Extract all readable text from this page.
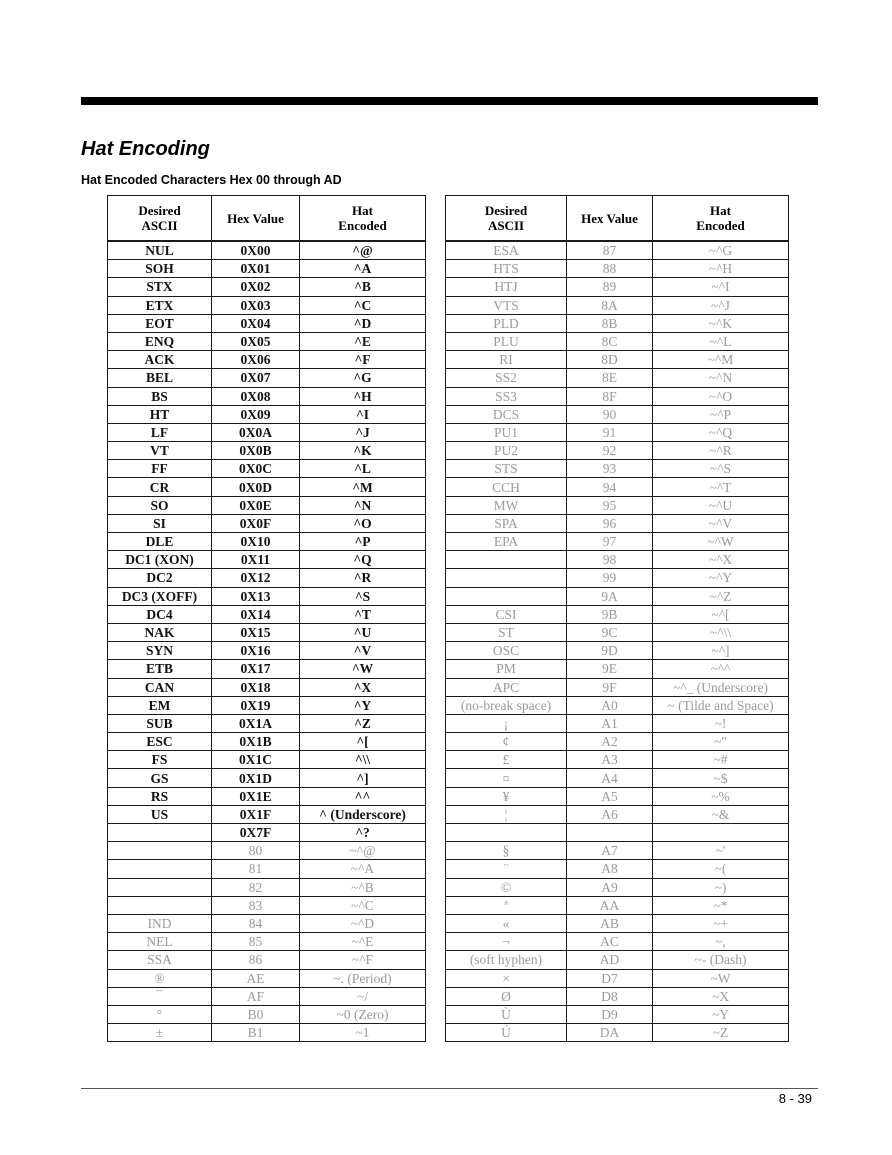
Hat Encoding

Hat Encoded Characters Hex 00 through AD

Desired
ASCII	Hex Value	Hat
Encoded
NUL	0X00	^@
SOH	0X01	^A
STX	0X02	^B
ETX	0X03	^C
EOT	0X04	^D
ENQ	0X05	^E
ACK	0X06	^F
BEL	0X07	^G
BS	0X08	^H
HT	0X09	^I
LF	0X0A	^J
VT	0X0B	^K
FF	0X0C	^L
CR	0X0D	^M
SO	0X0E	^N
SI	0X0F	^O
DLE	0X10	^P
DC1 (XON)	0X11	^Q
DC2	0X12	^R
DC3 (XOFF)	0X13	^S
DC4	0X14	^T
NAK	0X15	^U
SYN	0X16	^V
ETB	0X17	^W
CAN	0X18	^X
EM	0X19	^Y
SUB	0X1A	^Z
ESC	0X1B	^[
FS	0X1C	^\\
GS	0X1D	^]
RS	0X1E	^^
US	0X1F	^ (Underscore)
	0X7F	^?
	80	~^@
	81	~^A
	82	~^B
	83	~^C
IND	84	~^D
NEL	85	~^E
SSA	86	~^F
®	AE	~. (Period)
¯	AF	~/
°	B0	~0 (Zero)
±	B1	~1
Desired
ASCII	Hex Value	Hat
Encoded
ESA	87	~^G
HTS	88	~^H
HTJ	89	~^I
VTS	8A	~^J
PLD	8B	~^K
PLU	8C	~^L
RI	8D	~^M
SS2	8E	~^N
SS3	8F	~^O
DCS	90	~^P
PU1	91	~^Q
PU2	92	~^R
STS	93	~^S
CCH	94	~^T
MW	95	~^U
SPA	96	~^V
EPA	97	~^W
	98	~^X
	99	~^Y
	9A	~^Z
CSI	9B	~^[
ST	9C	~^\\
OSC	9D	~^]
PM	9E	~^^
APC	9F	~^_ (Underscore)
(no-break space)	A0	~ (Tilde and Space)
¡	A1	~!
¢	A2	~"
£	A3	~#
¤	A4	~$
¥	A5	~%
¦	A6	~&

§	A7	~'
¨	A8	~(
©	A9	~)
ª	AA	~*
«	AB	~+
¬	AC	~,
(soft hyphen)	AD	~- (Dash)
×	D7	~W
Ø	D8	~X
Ù	D9	~Y
Ú	DA	~Z
8 - 39
